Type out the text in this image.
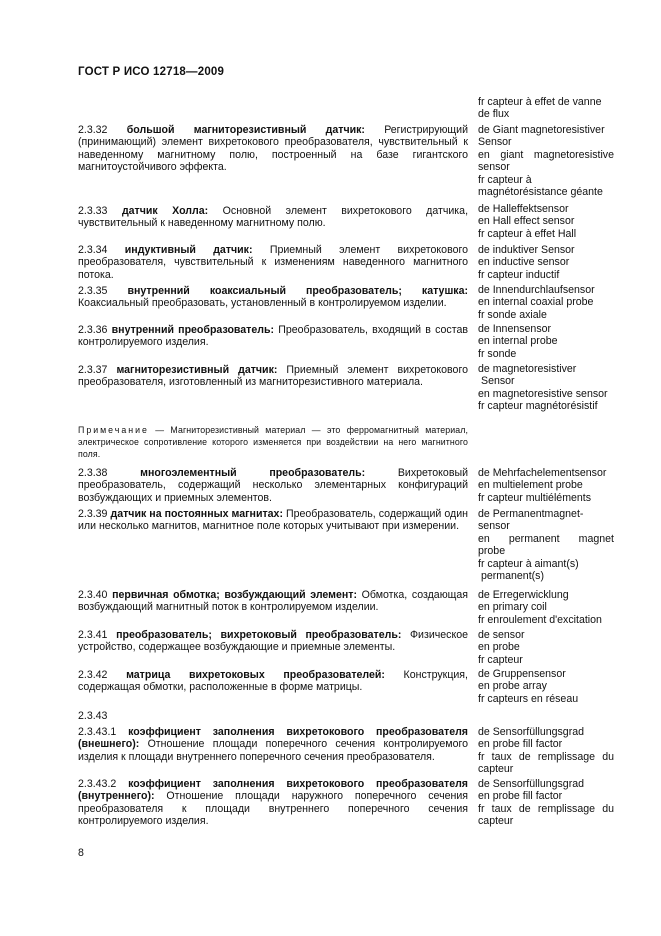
ГОСТ Р ИСО 12718—2009
2.3.32 большой магниторезистивный датчик: Регистрирующий (принимающий) элемент вихретокового преобразователя, чувствительный к наведенному магнитному полю, построенный на базе гигантского магнитоустойчивого эффекта.
2.3.33 датчик Холла: Основной элемент вихретокового датчика, чувствительный к наведенному магнитному полю.
2.3.34 индуктивный датчик: Приемный элемент вихретокового преобразователя, чувствительный к изменениям наведенного магнитного потока.
2.3.35 внутренний коаксиальный преобразователь; катушка: Коаксиальный преобразовать, установленный в контролируемом изделии.
2.3.36 внутренний преобразователь: Преобразователь, входящий в состав контролируемого изделия.
2.3.37 магниторезистивный датчик: Приемный элемент вихретокового преобразователя, изготовленный из магниторезистивного материала.
Примечание — Магниторезистивный материал — это ферромагнитный материал, электрическое сопротивление которого изменяется при воздействии на него магнитного поля.
2.3.38	многоэлементный преобразователь:	Вихретоковый преобразователь, содержащий несколько элементарных конфигураций возбуждающих и приемных элементов.
2.3.39 датчик на постоянных магнитах: Преобразователь, содержащий один или несколько магнитов, магнитное поле которых учитывают при измерении.
2.3.40 первичная обмотка; возбуждающий элемент: Обмотка, создающая возбуждающий магнитный поток в контролируемом изделии.
2.3.41 преобразователь; вихретоковый преобразователь: Физическое устройство, содержащее возбуждающие и приемные элементы.
2.3.42 матрица вихретоковых преобразователей: Конструкция, содержащая обмотки, расположенные в форме матрицы.
2.3.43
2.3.43.1 коэффициент заполнения вихретокового преобразователя (внешнего): Отношение площади поперечного сечения контролируемого изделия к площади внутреннего поперечного сечения преобразователя.
2.3.43.2 коэффициент заполнения вихретокового преобразователя (внутреннего): Отношение площади наружного поперечного сечения преобразователя к площади внутреннего поперечного сечения контролируемого изделия.
fr capteur à effet de vanne
de flux
de Giant magnetoresistiver
Sensor
en giant magnetoresistive
sensor
fr capteur à
magnétorésistance géante
de Halleffektsensor
en Hall effect sensor
fr capteur à effet Hall
de induktiver Sensor
en inductive sensor
fr capteur inductif
de Innendurchlaufsensor
en internal coaxial probe
fr sonde axiale
de Innensensor
en internal probe
fr sonde
de magnetoresistiver
Sensor
en magnetoresistive sensor
fr capteur magnétorésistif
de Mehrfachelementsensor
en multielement probe
fr capteur multiéléments
de Permanentmagnet-
sensor
en permanent magnet
probe
fr capteur à aimant(s)
permanent(s)
de Erregerwicklung
en primary coil
fr enroulement d'excitation
de sensor
en probe
fr capteur
de Gruppensensor
en probe array
fr capteurs en réseau
de Sensorfüllungsgrad
en probe fill factor
fr taux de remplissage du
capteur
de Sensorfüllungsgrad
en probe fill factor
fr taux de remplissage du
capteur
8
